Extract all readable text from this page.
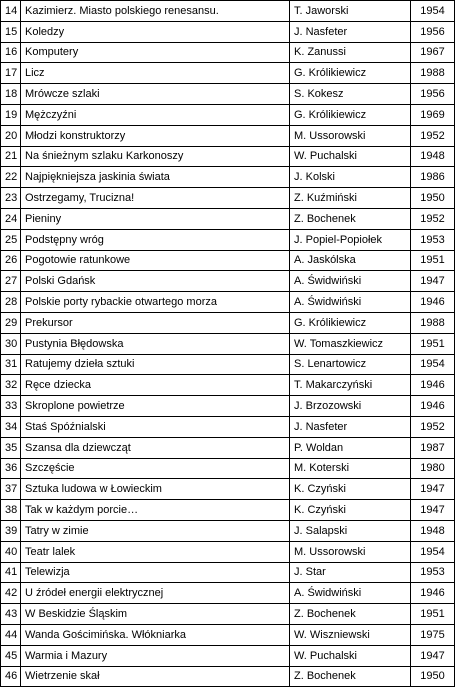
14	Kazimierz. Miasto polskiego renesansu.	T. Jaworski	1954
15	Koledzy	J. Nasfeter	1956
16	Komputery	K. Zanussi	1967
17	Licz	G. Królikiewicz	1988
18	Mrówcze szlaki	S. Kokesz	1956
19	Mężczyźni	G. Królikiewicz	1969
20	Młodzi konstruktorzy	M. Ussorowski	1952
21	Na śnieżnym szlaku Karkonoszy	W. Puchalski	1948
22	Najpiękniejsza jaskinia świata	J. Kolski	1986
23	Ostrzegamy, Trucizna!	Z. Kuźmiński	1950
24	Pieniny	Z. Bochenek	1952
25	Podstępny wróg	J. Popiel-Popiołek	1953
26	Pogotowie ratunkowe	A. Jaskólska	1951
27	Polski Gdańsk	A. Świdwiński	1947
28	Polskie porty rybackie otwartego morza	A. Świdwiński	1946
29	Prekursor	G. Królikiewicz	1988
30	Pustynia Błędowska	W. Tomaszkiewicz	1951
31	Ratujemy dzieła sztuki	S. Lenartowicz	1954
32	Ręce dziecka	T. Makarczyński	1946
33	Skroplone powietrze	J. Brzozowski	1946
34	Staś Spóźnialski	J. Nasfeter	1952
35	Szansa dla dziewcząt	P. Woldan	1987
36	Szczęście	M. Koterski	1980
37	Sztuka ludowa w Łowieckim	K. Czyński	1947
38	Tak w każdym porcie…	K. Czyński	1947
39	Tatry w zimie	J. Salapski	1948
40	Teatr lalek	M. Ussorowski	1954
41	Telewizja	J. Star	1953
42	U źródeł energii elektrycznej	A. Świdwiński	1946
43	W Beskidzie Śląskim	Z. Bochenek	1951
44	Wanda Gościmińska. Włókniarka	W. Wiszniewski	1975
45	Warmia i Mazury	W. Puchalski	1947
46	Wietrzenie skał	Z. Bochenek	1950
